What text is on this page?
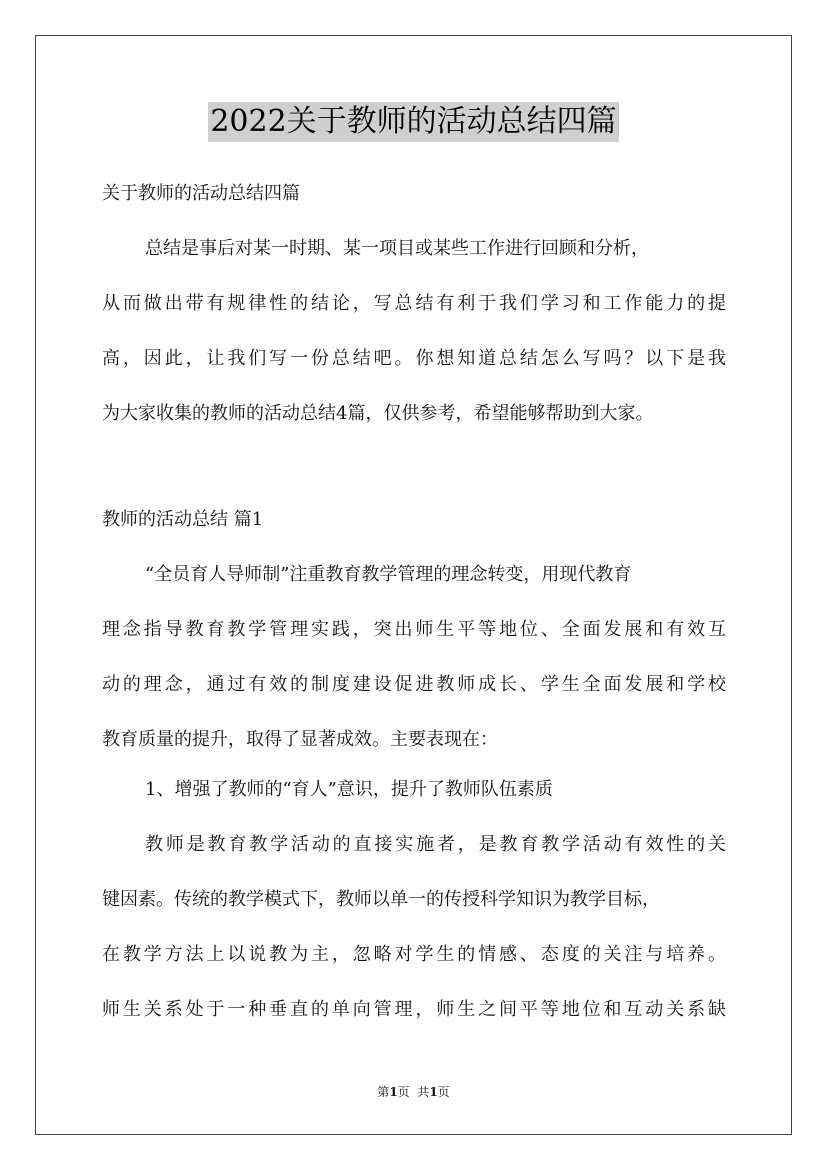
2022关于教师的活动总结四篇
关于教师的活动总结四篇
总结是事后对某一时期、某一项目或某些工作进行回顾和分析，
从而做出带有规律性的结论，写总结有利于我们学习和工作能力的提
高，因此，让我们写一份总结吧。你想知道总结怎么写吗？以下是我
为大家收集的教师的活动总结4篇，仅供参考，希望能够帮助到大家。
教师的活动总结 篇1
“全员育人导师制”注重教育教学管理的理念转变，用现代教育
理念指导教育教学管理实践，突出师生平等地位、全面发展和有效互
动的理念，通过有效的制度建设促进教师成长、学生全面发展和学校
教育质量的提升，取得了显著成效。主要表现在：
1、增强了教师的“育人”意识，提升了教师队伍素质
教师是教育教学活动的直接实施者，是教育教学活动有效性的关
键因素。传统的教学模式下，教师以单一的传授科学知识为教学目标，
在教学方法上以说教为主，忽略对学生的情感、态度的关注与培养。
师生关系处于一种垂直的单向管理，师生之间平等地位和互动关系缺
第1页  共1页
